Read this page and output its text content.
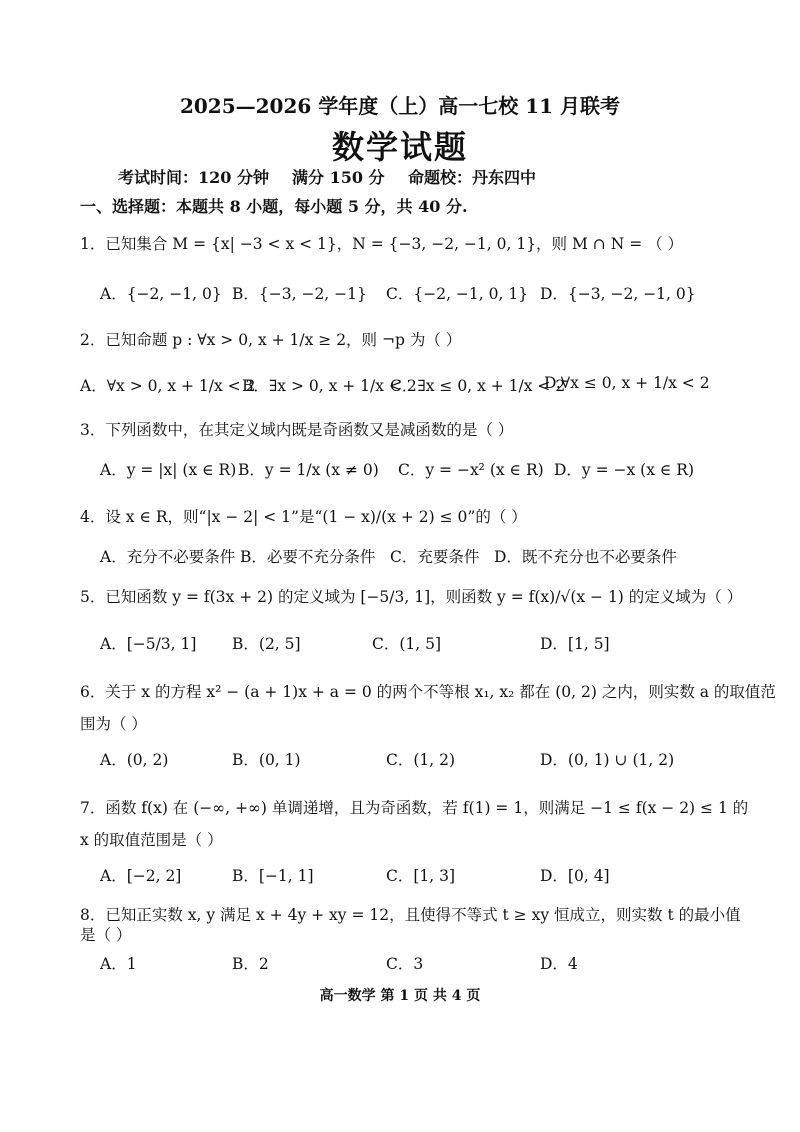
2025—2026 学年度（上）高一七校 11 月联考
数学试题
考试时间：120 分钟 满分 150 分 命题校：丹东四中
一、选择题：本题共 8 小题，每小题 5 分，共 40 分.
1．已知集合 M = {x| −3 < x < 1}，N = {−3, −2, −1, 0, 1}，则 M ∩ N = （ ）
A．{−2, −1, 0} B．{−3, −2, −1} C．{−2, −1, 0, 1} D．{−3, −2, −1, 0}
2．已知命题 p : ∀x > 0, x + 1/x ≥ 2，则 ¬p 为（ ）
A．∀x > 0, x + 1/x < 2
B．∃x > 0, x + 1/x < 2
C．∃x ≤ 0, x + 1/x < 2
D.∀x ≤ 0, x + 1/x < 2
3．下列函数中，在其定义域内既是奇函数又是减函数的是（ ）
A．y = |x| (x ∈ R) B．y = 1/x (x ≠ 0) C．y = −x² (x ∈ R) D．y = −x (x ∈ R)
4．设 x ∈ R，则“|x − 2| < 1”是“(1 − x)/(x + 2) ≤ 0”的（ ）
A．充分不必要条件 B．必要不充分条件 C．充要条件 D．既不充分也不必要条件
5．已知函数 y = f(3x + 2) 的定义域为 [−5/3, 1]，则函数 y = f(x)/√(x − 1) 的定义域为（ ）
A．[−5/3, 1] B．(2, 5]	C．(1, 5]	D．[1, 5]
6．关于 x 的方程 x² − (a + 1)x + a = 0 的两个不等根 x₁, x₂ 都在 (0, 2) 之内，则实数 a 的取值范
围为（ ）
A．(0, 2)	B．(0, 1)	C．(1, 2)	D．(0, 1) ∪ (1, 2)
7．函数 f(x) 在 (−∞, +∞) 单调递增，且为奇函数，若 f(1) = 1，则满足 −1 ≤ f(x − 2) ≤ 1 的
x 的取值范围是（ ）
A．[−2, 2]	B．[−1, 1]	C．[1, 3]	D．[0, 4]
8．已知正实数 x, y 满足 x + 4y + xy = 12，且使得不等式 t ≥ xy 恒成立，则实数 t 的最小值
是（ ）
A．1	B．2	C．3	D．4
高一数学 第 1 页 共 4 页
